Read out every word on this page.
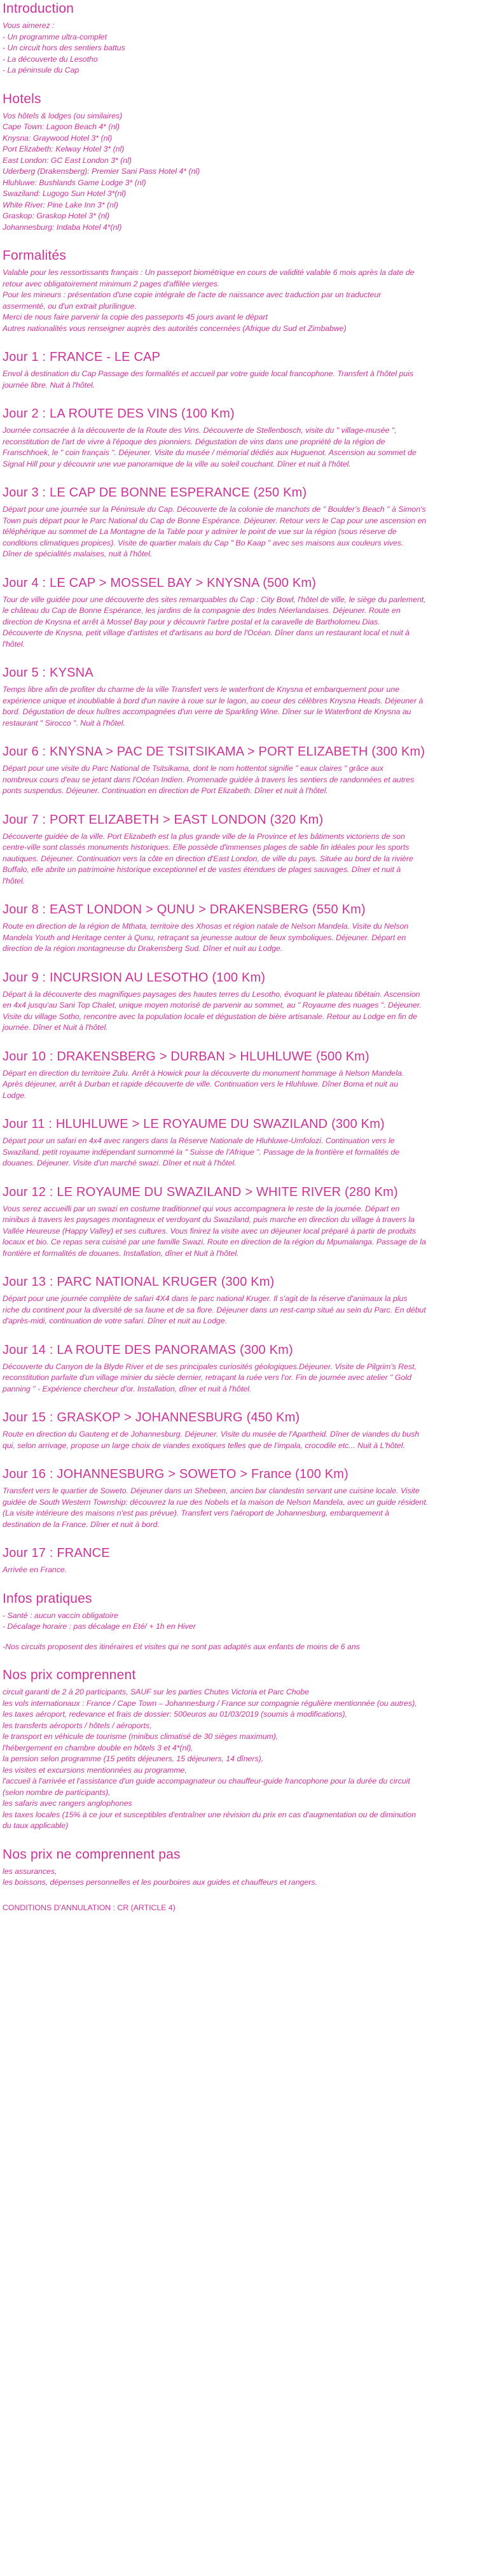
Introduction
Vous aimerez :
- Un programme ultra-complet
- Un circuit hors des sentiers battus
- La découverte du Lesotho
- La péninsule du Cap
Hotels
Vos hôtels & lodges (ou similaires)
Cape Town: Lagoon Beach 4* (nl)
Knysna: Graywood Hotel 3* (nl)
Port Elizabeth: Kelway Hotel 3* (nl)
East London: GC East London 3* (nl)
Uderberg (Drakensberg): Premier Sani Pass Hotel 4* (nl)
Hluhluwe: Bushlands Game Lodge 3* (nl)
Swaziland: Lugogo Sun Hotel 3*(nl)
White River: Pine Lake Inn 3* (nl)
Graskop: Graskop Hotel 3* (nl)
Johannesburg: Indaba Hotel 4*(nl)
Formalités
Valable pour les ressortissants français : Un passeport biométrique en cours de validité valable 6 mois après la date de
retour avec obligatoirement minimum 2 pages d'affilée vierges.
Pour les mineurs : présentation d'une copie intégrale de l'acte de naissance avec traduction par un traducteur
assermenté, ou d'un extrait plurilingue.
Merci de nous faire parvenir la copie des passeports 45 jours avant le départ
Autres nationalités vous renseigner auprès des autorités concernées (Afrique du Sud et Zimbabwe)
Jour 1 : FRANCE - LE CAP
Envol à destination du Cap Passage des formalités et accueil par votre guide local francophone. Transfert à l'hôtel puis
journée libre. Nuit à l'hôtel.
Jour 2 : LA ROUTE DES VINS (100 Km)
Journée consacrée à la découverte de la Route des Vins. Découverte de Stellenbosch, visite du " village-musée ",
reconstitution de l'art de vivre à l'époque des pionniers. Dégustation de vins dans une propriété de la région de
Franschhoek, le " coin français ". Déjeuner. Visite du musée / mémorial dédiés aux Huguenot. Ascension au sommet de
Signal Hill pour y découvrir une vue panoramique de la ville au soleil couchant. Dîner et nuit à l'hôtel.
Jour 3 : LE CAP DE BONNE ESPERANCE (250 Km)
Départ pour une journée sur la Péninsule du Cap. Découverte de la colonie de manchots de " Boulder's Beach " à Simon's
Town puis départ pour le Parc National du Cap de Bonne Espérance. Déjeuner. Retour vers le Cap pour une ascension en
téléphérique au sommet de La Montagne de la Table pour y admirer le point de vue sur la région (sous réserve de
conditions climatiques propices). Visite de quartier malais du Cap " Bo Kaap " avec ses maisons aux couleurs vives.
Dîner de spécialités malaises, nuit à l'hôtel.
Jour 4 : LE CAP > MOSSEL BAY > KNYSNA (500 Km)
Tour de ville guidée pour une découverte des sites remarquables du Cap : City Bowl, l'hôtel de ville, le siège du parlement,
le château du Cap de Bonne Espérance, les jardins de la compagnie des Indes Néerlandaises. Déjeuner. Route en
direction de Knysna et arrêt à Mossel Bay pour y découvrir l'arbre postal et la caravelle de Bartholomeu Dias.
Découverte de Knysna, petit village d'artistes et d'artisans au bord de l'Océan. Dîner dans un restaurant local et nuit à
l'hôtel.
Jour 5 : KYSNA
Temps libre afin de profiter du charme de la ville Transfert vers le waterfront de Knysna et embarquement pour une
expérience unique et inoubliable à bord d'un navire à roue sur le lagon, au coeur des célèbres Knysna Heads. Déjeuner à
bord. Dégustation de deux huîtres accompagnées d'un verre de Sparkling Wine. Dîner sur le Waterfront de Knysna au
restaurant " Sirocco ". Nuit à l'hôtel.
Jour 6 : KNYSNA > PAC DE TSITSIKAMA > PORT ELIZABETH (300 Km)
Départ pour une visite du Parc National de Tsitsikama, dont le nom hottentot signifie " eaux claires " grâce aux
nombreux cours d'eau se jetant dans l'Océan Indien. Promenade guidée à travers les sentiers de randonnées et autres
ponts suspendus. Déjeuner. Continuation en direction de Port Elizabeth. Dîner et nuit à l'hôtel.
Jour 7 : PORT ELIZABETH > EAST LONDON (320 Km)
Découverte guidée de la ville. Port Elizabeth est la plus grande ville de la Province et les bâtiments victoriens de son
centre-ville sont classés monuments historiques. Elle possède d'immenses plages de sable fin idéales pour les sports
nautiques. Déjeuner. Continuation vers la côte en direction d'East London, de ville du pays. Située au bord de la rivière
Buffalo, elle abrite un patrimoine historique exceptionnel et de vastes étendues de plages sauvages. Dîner et nuit à
l'hôtel.
Jour 8 : EAST LONDON > QUNU > DRAKENSBERG (550 Km)
Route en direction de la région de Mthata, territoire des Xhosas et région natale de Nelson Mandela. Visite du Nelson
Mandela Youth and Heritage center à Qunu, retraçant sa jeunesse autour de lieux symboliques. Déjeuner. Départ en
direction de la région montagneuse du Drakensberg Sud. Dîner et nuit au Lodge.
Jour 9 : INCURSION AU LESOTHO (100 Km)
Départ à la découverte des magnifiques paysages des hautes terres du Lesotho, évoquant le plateau tibétain. Ascension
en 4x4 jusqu'au Sani Top Chalet, unique moyen motorisé de parvenir au sommet, au " Royaume des nuages ". Déjeuner.
Visite du village Sotho, rencontre avec la population locale et dégustation de bière artisanale. Retour au Lodge en fin de
journée. Dîner et Nuit à l'hôtel.
Jour 10 : DRAKENSBERG > DURBAN > HLUHLUWE (500 Km)
Départ en direction du territoire Zulu. Arrêt à Howick pour la découverte du monument hommage à Nelson Mandela.
Après déjeuner, arrêt à Durban et rapide découverte de ville. Continuation vers le Hluhluwe. Dîner Boma et nuit au
Lodge.
Jour 11 : HLUHLUWE > LE ROYAUME DU SWAZILAND (300 Km)
Départ pour un safari en 4x4 avec rangers dans la Réserve Nationale de Hluhluwe-Umfolozi. Continuation vers le
Swaziland, petit royaume indépendant surnommé la " Suisse de l'Afrique ". Passage de la frontière et formalités de
douanes. Déjeuner. Visite d'un marché swazi. Dîner et nuit à l'hôtel.
Jour 12 : LE ROYAUME DU SWAZILAND > WHITE RIVER (280 Km)
Vous serez accueilli par un swazi en costume traditionnel qui vous accompagnera le reste de la journée. Départ en
minibus à travers les paysages montagneux et verdoyant du Swaziland, puis marche en direction du village à travers la
Vallée Heureuse (Happy Valley) et ses cultures. Vous finirez la visite avec un déjeuner local préparé à partir de produits
locaux et bio. Ce repas sera cuisiné par une famille Swazi. Route en direction de la région du Mpumalanga. Passage de la
frontière et formalités de douanes. Installation, dîner et Nuit à l'hôtel.
Jour 13 : PARC NATIONAL KRUGER (300 Km)
Départ pour une journée complète de safari 4X4 dans le parc national Kruger. Il s'agit de la réserve d'animaux la plus
riche du continent pour la diversité de sa faune et de sa flore. Déjeuner dans un rest-camp situé au sein du Parc. En début
d'après-midi, continuation de votre safari. Dîner et nuit au Lodge.
Jour 14 : LA ROUTE DES PANORAMAS (300 Km)
Découverte du Canyon de la Blyde River et de ses principales curiosités géologiques.Déjeuner. Visite de Pilgrim's Rest,
reconstitution parfaite d'un village minier du siècle dernier, retraçant la ruée vers l'or. Fin de journée avec atelier " Gold
panning " - Expérience chercheur d'or. Installation, dîner et nuit à l'hôtel.
Jour 15 : GRASKOP > JOHANNESBURG (450 Km)
Route en direction du Gauteng et de Johannesburg. Déjeuner. Visite du musée de l'Apartheid. Dîner de viandes du bush
qui, selon arrivage, propose un large choix de viandes exotiques telles que de l'impala, crocodile etc... Nuit à L'hôtel.
Jour 16 : JOHANNESBURG > SOWETO > France (100 Km)
Transfert vers le quartier de Soweto. Déjeuner dans un Shebeen, ancien bar clandestin servant une cuisine locale. Visite
guidée de South Western Township: découvrez la rue des Nobels et la maison de Nelson Mandela, avec un guide résident.
(La visite intérieure des maisons n'est pas prévue). Transfert vers l'aéroport de Johannesburg, embarquement à
destination de la France. Dîner et nuit à bord.
Jour 17 : FRANCE
Arrivée en France.
Infos pratiques
- Santé : aucun vaccin obligatoire
- Décalage horaire : pas décalage en Eté/ + 1h en Hiver
-Nos circuits proposent des itinéraires et visites qui ne sont pas adaptés aux enfants de moins de 6 ans
Nos prix comprennent
circuit garanti de 2 à 20 participants, SAUF sur les parties Chutes Victoria et Parc Chobe
les vols internationaux : France / Cape Town – Johannesburg / France sur compagnie régulière mentionnée (ou autres),
les taxes aéroport, redevance et frais de dossier: 500euros au 01/03/2019 (soumis à modifications),
les transferts aéroports / hôtels / aéroports,
le transport en véhicule de tourisme (minibus climatisé de 30 sièges maximum),
l'hébergement en chambre double en hôtels 3 et 4*(nl),
la pension selon programme (15 petits déjeuners, 15 déjeuners, 14 dîners),
les visites et excursions mentionnées au programme,
l'accueil à l'arrivée et l'assistance d'un guide accompagnateur ou chauffeur-guide francophone pour la durée du circuit
(selon nombre de participants),
les safaris avec rangers anglophones
les taxes locales (15% à ce jour et susceptibles d'entraîner une révision du prix en cas d'augmentation ou de diminution
du taux applicable)
Nos prix ne comprennent pas
les assurances,
les boissons, dépenses personnelles et les pourboires aux guides et chauffeurs et rangers.
CONDITIONS D'ANNULATION : CR (ARTICLE 4)
